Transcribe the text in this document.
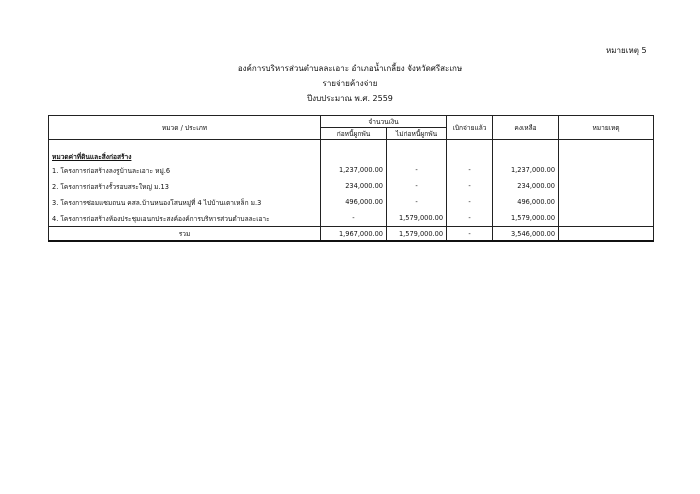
หมายเหตุ 5
องค์การบริหารส่วนตำบลละเอาะ อำเภอน้ำเกลี้ยง จังหวัดศรีสะเกษ
รายจ่ายค้างจ่าย
ปีงบประมาณ พ.ศ. 2559
หมวด / ประเภท	จำนวนเงิน		เบิกจ่ายแล้ว	คงเหลือ	หมายเหตุ
	ก่อหนี้ผูกพัน	ไม่ก่อหนี้ผูกพัน			
หมวดค่าที่ดินและสิ่งก่อสร้าง					
1. โครงการก่อสร้างลงรูบ้านละเอาะ หมู่.6	1,237,000.00	-	-	1,237,000.00	
2. โครงการก่อสร้างรั้วรอบสระใหญ่ ม.13	234,000.00	-	-	234,000.00	
3. โครงการซ่อมแซมถนน คสล.บ้านหนองโสนหมู่ที่ 4 ไปบ้านเตาเหล็ก ม.3	496,000.00	-	-	496,000.00	
4. โครงการก่อสร้างห้องประชุมเอนกประสงค์องค์การบริหารส่วนตำบลละเอาะ	-	1,579,000.00	-	1,579,000.00	
รวม	1,967,000.00	1,579,000.00	-	3,546,000.00	
